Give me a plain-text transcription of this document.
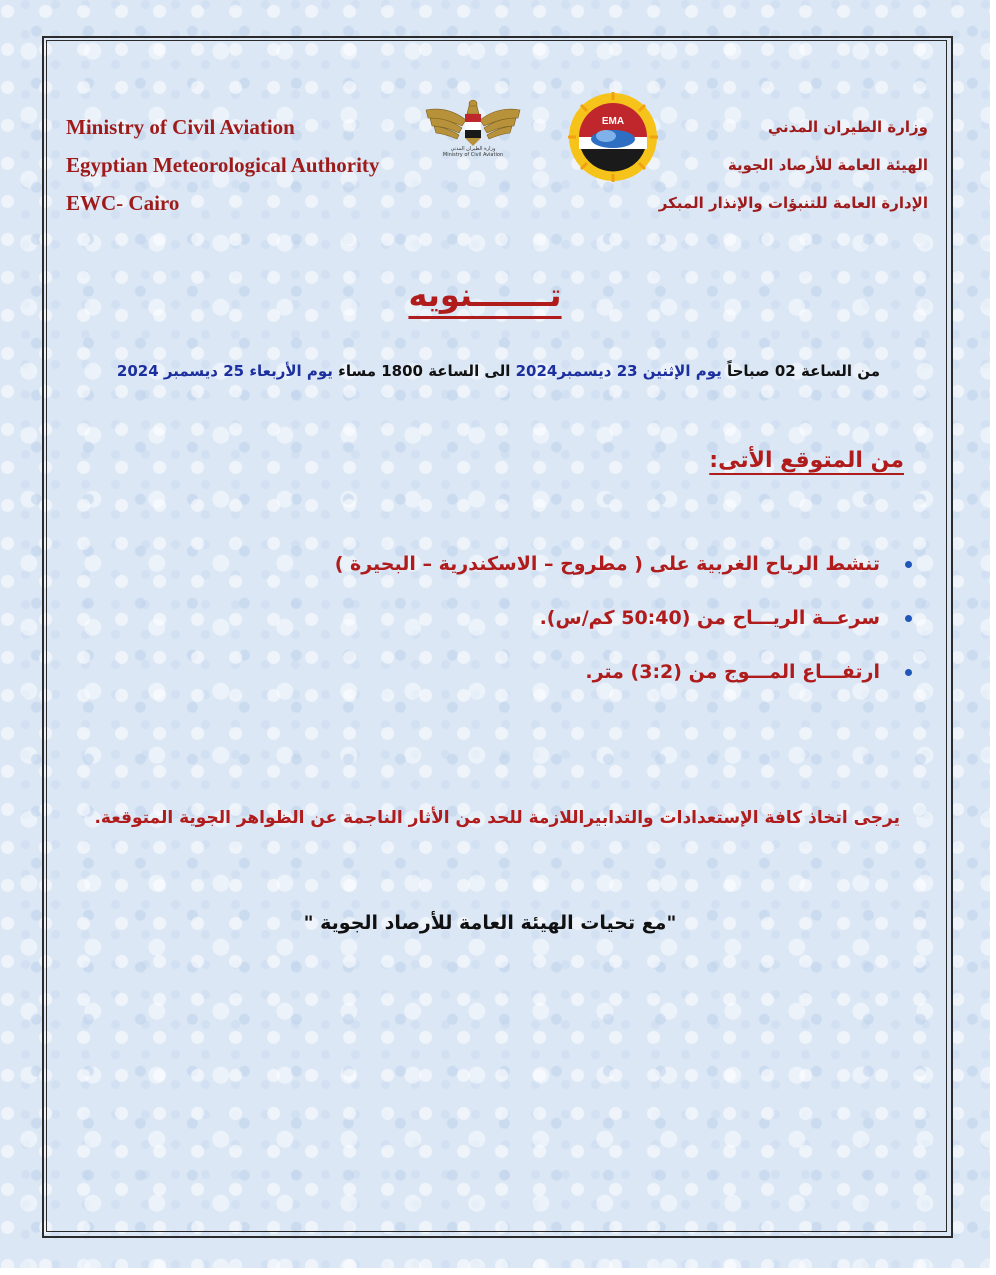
Ministry of Civil Aviation
Egyptian Meteorological Authority
EWC- Cairo
وزارة الطيران المدني
Ministry of Civil Aviation
EMA	وزارة الطيران المدني
الهيئة العامة للأرصاد الجوية
الإدارة العامة للتنبؤات والإنذار المبكر
تـــــــنويه
من الساعة 02 صباحاً يوم الإثنين 23 ديسمبر2024 الى الساعة 1800 مساء يوم الأربعاء 25 ديسمبر 2024
من المتوقع الأتى:
تنشط الرياح الغربية على ( مطروح – الاسكندرية – البحيرة )
سرعــة الريـــاح من (50:40 كم/س).
ارتفـــاع المـــوج من (3:2) متر.
يرجى اتخاذ كافة الإستعدادات والتدابيراللازمة للحد من الأثار الناجمة عن الظواهر الجوية المتوقعة.
"مع تحيات الهيئة العامة للأرصاد الجوية "
